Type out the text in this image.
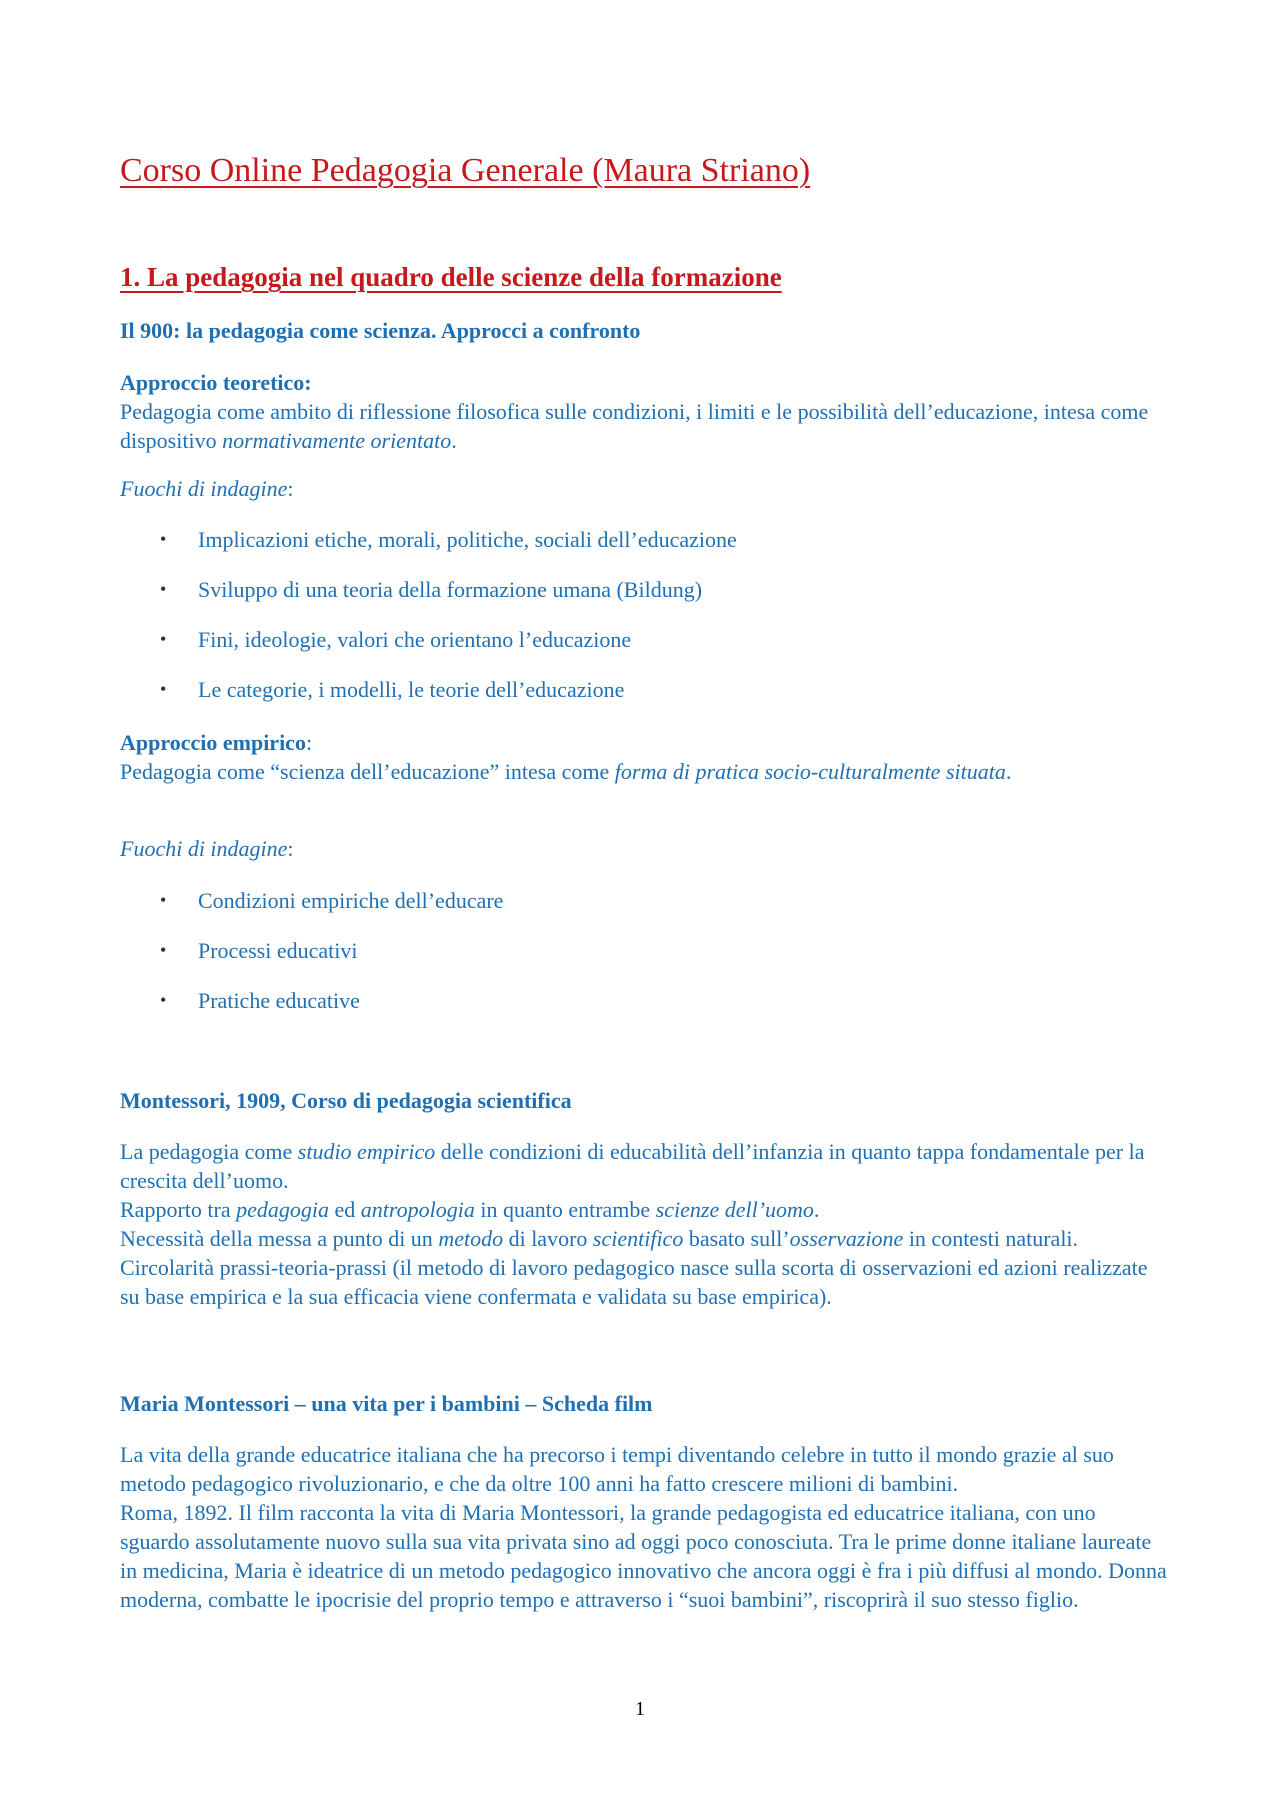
Corso Online Pedagogia Generale (Maura Striano)
1. La pedagogia nel quadro delle scienze della formazione
Il 900: la pedagogia come scienza. Approcci a confronto
Approccio teoretico:
Pedagogia come ambito di riflessione filosofica sulle condizioni, i limiti e le possibilità dell’educazione, intesa come dispositivo normativamente orientato.
Fuochi di indagine:
• Implicazioni etiche, morali, politiche, sociali dell’educazione
• Sviluppo di una teoria della formazione umana (Bildung)
• Fini, ideologie, valori che orientano l’educazione
• Le categorie, i modelli, le teorie dell’educazione
Approccio empirico:
Pedagogia come “scienza dell’educazione” intesa come forma di pratica socio-culturalmente situata.
Fuochi di indagine:
• Condizioni empiriche dell’educare
• Processi educativi
• Pratiche educative
Montessori, 1909, Corso di pedagogia scientifica
La pedagogia come studio empirico delle condizioni di educabilità dell’infanzia in quanto tappa fondamentale per la crescita dell’uomo.
Rapporto tra pedagogia ed antropologia in quanto entrambe scienze dell’uomo.
Necessità della messa a punto di un metodo di lavoro scientifico basato sull’osservazione in contesti naturali.
Circolarità prassi-teoria-prassi (il metodo di lavoro pedagogico nasce sulla scorta di osservazioni ed azioni realizzate su base empirica e la sua efficacia viene confermata e validata su base empirica).
Maria Montessori – una vita per i bambini – Scheda film
La vita della grande educatrice italiana che ha precorso i tempi diventando celebre in tutto il mondo grazie al suo metodo pedagogico rivoluzionario, e che da oltre 100 anni ha fatto crescere milioni di bambini.
Roma, 1892. Il film racconta la vita di Maria Montessori, la grande pedagogista ed educatrice italiana, con uno sguardo assolutamente nuovo sulla sua vita privata sino ad oggi poco conosciuta. Tra le prime donne italiane laureate in medicina, Maria è ideatrice di un metodo pedagogico innovativo che ancora oggi è fra i più diffusi al mondo. Donna moderna, combatte le ipocrisie del proprio tempo e attraverso i “suoi bambini”, riscoprirà il suo stesso figlio.
1
